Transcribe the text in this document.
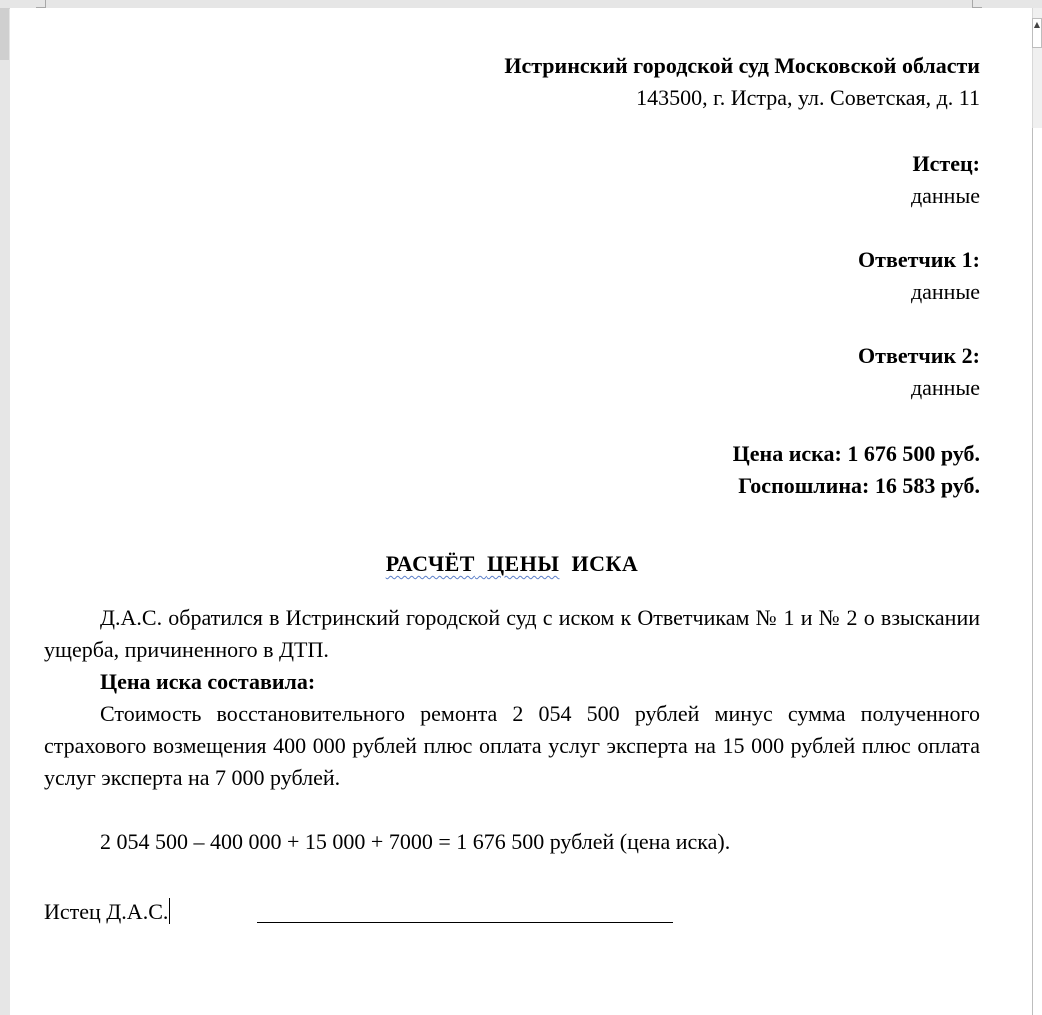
▲
Истринский городской суд Московской области
143500, г. Истра, ул. Советская, д. 11
Истец:
данные
Ответчик 1:
данные
Ответчик 2:
данные
Цена иска: 1 676 500 руб.
Госпошлина: 16 583 руб.
РАСЧЁТ ЦЕНЫ ИСКА
Д.А.С. обратился в Истринский городской суд с иском к Ответчикам № 1 и № 2 о взыскании ущерба, причиненного в ДТП.
Цена иска составила:
Стоимость восстановительного ремонта 2 054 500 рублей минус сумма полученного страхового возмещения 400 000 рублей плюс оплата услуг эксперта на 15 000 рублей плюс оплата услуг эксперта на 7 000 рублей.
2 054 500 – 400 000 + 15 000 + 7000 = 1 676 500 рублей (цена иска).
Истец Д.А.С.
